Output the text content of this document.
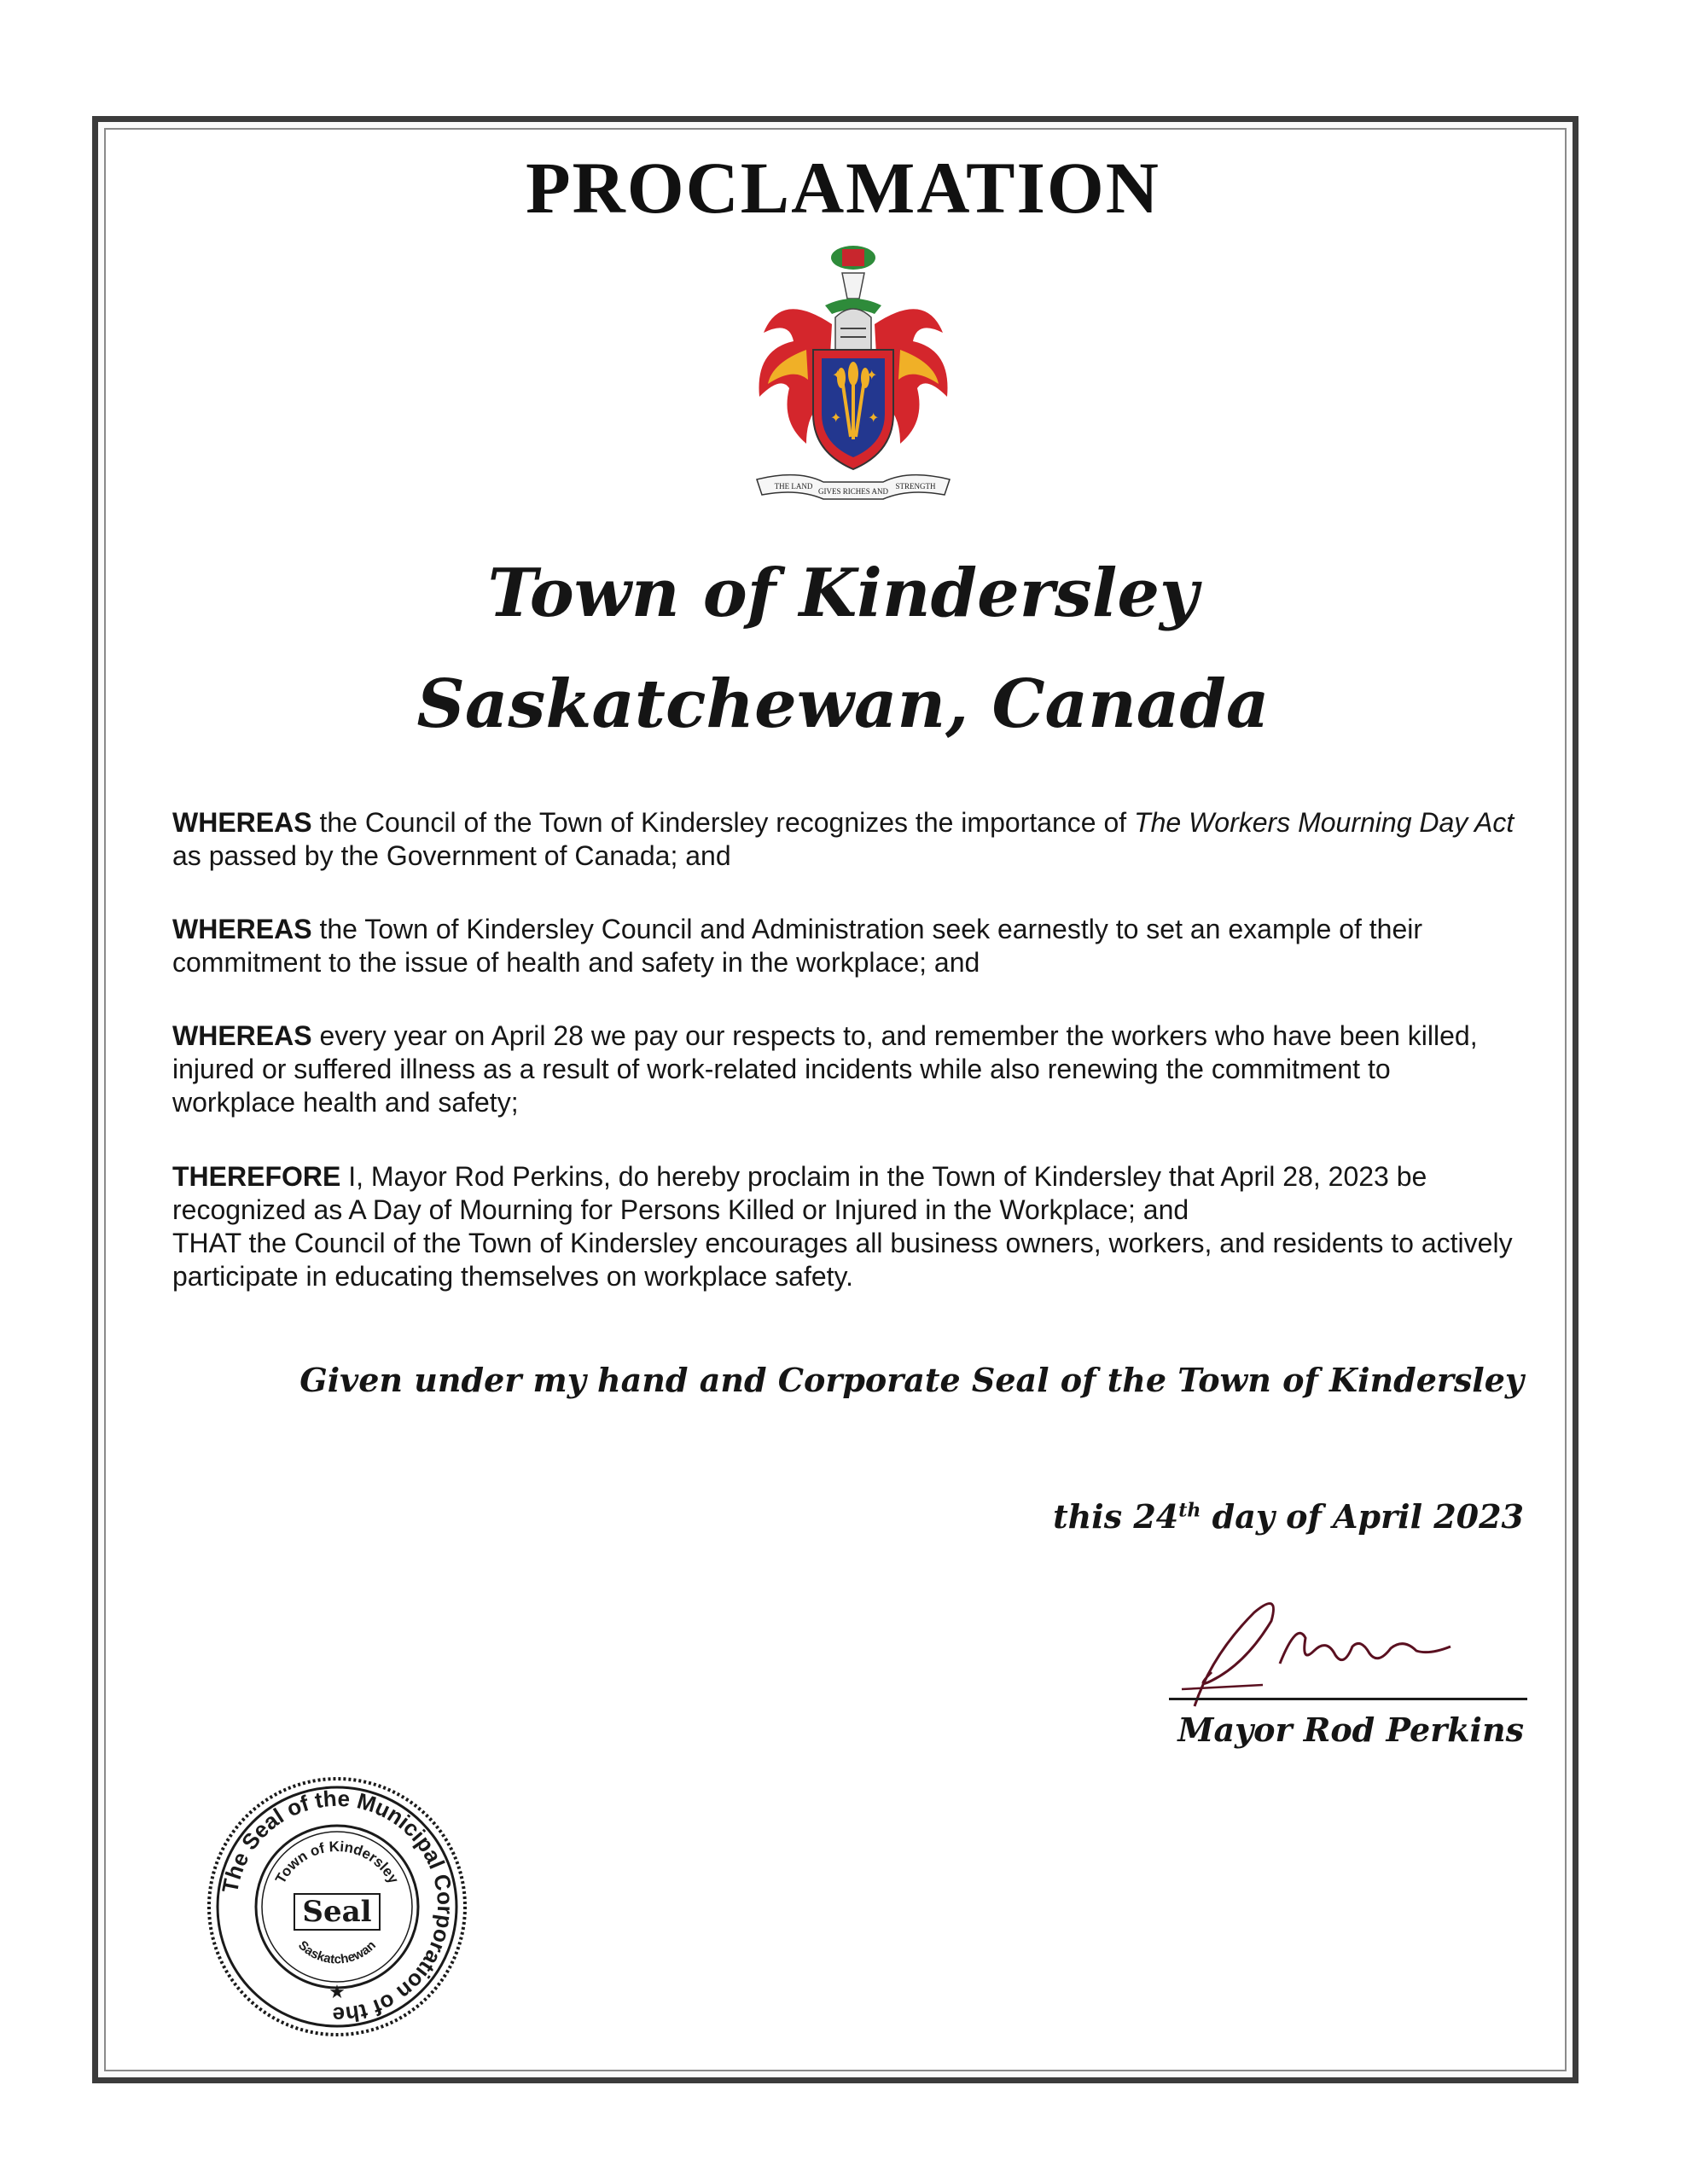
PROCLAMATION
✦ ✦
✦ ✦
THE LAND
GIVES RICHES AND
STRENGTH
Town of Kindersley
Saskatchewan, Canada

WHEREAS the Council of the Town of Kindersley recognizes the importance of The Workers Mourning Day Act as passed by the Government of Canada; and

WHEREAS the Town of Kindersley Council and Administration seek earnestly to set an example of their commitment to the issue of health and safety in the workplace; and

WHEREAS every year on April 28 we pay our respects to, and remember the workers who have been killed, injured or suffered illness as a result of work-related incidents while also renewing the commitment to workplace health and safety;

THEREFORE I, Mayor Rod Perkins, do hereby proclaim in the Town of Kindersley that April 28, 2023 be recognized as A Day of Mourning for Persons Killed or Injured in the Workplace; and

THAT the Council of the Town of Kindersley encourages all business owners, workers, and residents to actively participate in educating themselves on workplace safety.

Given under my hand and Corporate Seal of the Town of Kindersley
this 24th day of April 2023
Mayor Rod Perkins
The Seal of the Municipal Corporation of the
Town of Kindersley
Saskatchewan
Seal
★
